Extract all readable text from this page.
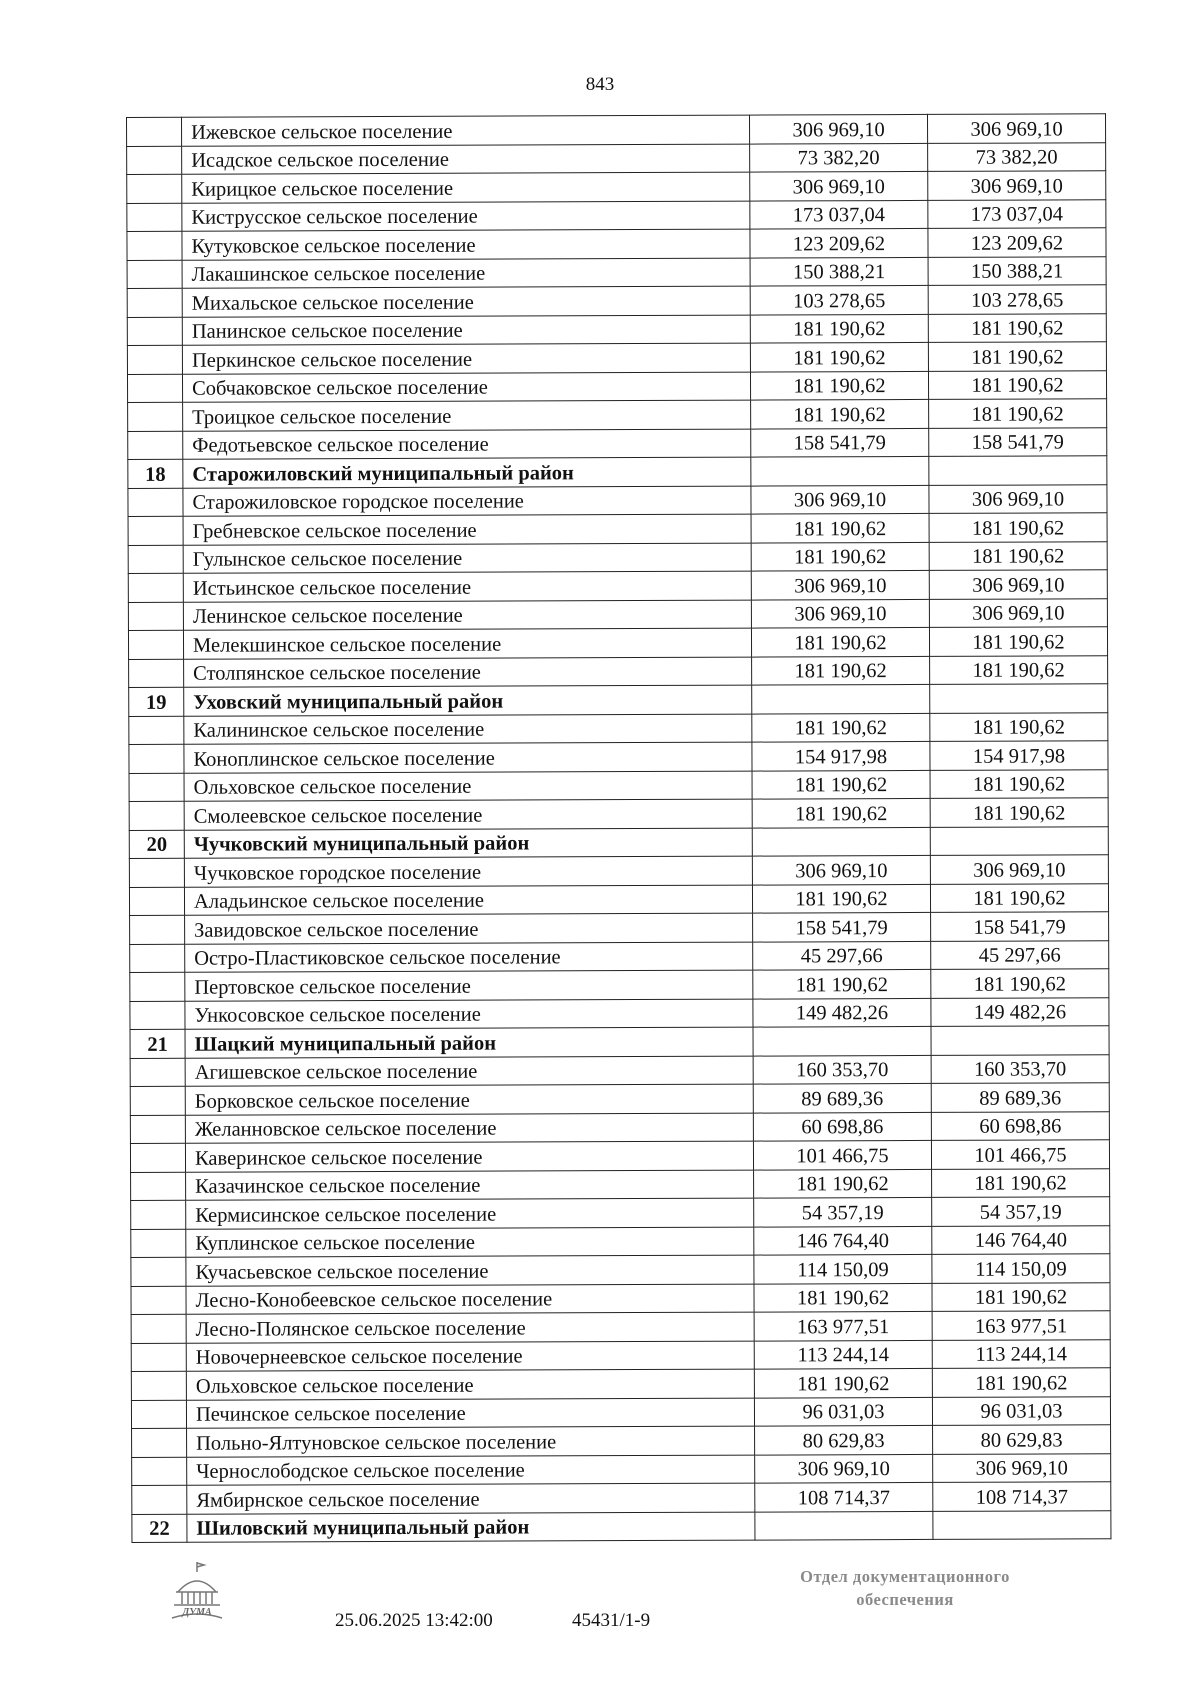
843
	Ижевское сельское поселение	306 969,10	306 969,10
	Исадское сельское поселение	73 382,20	73 382,20
	Кирицкое сельское поселение	306 969,10	306 969,10
	Киструсское сельское поселение	173 037,04	173 037,04
	Кутуковское сельское поселение	123 209,62	123 209,62
	Лакашинское сельское поселение	150 388,21	150 388,21
	Михальское сельское поселение	103 278,65	103 278,65
	Панинское сельское поселение	181 190,62	181 190,62
	Перкинское сельское поселение	181 190,62	181 190,62
	Собчаковское сельское поселение	181 190,62	181 190,62
	Троицкое сельское поселение	181 190,62	181 190,62
	Федотьевское сельское поселение	158 541,79	158 541,79
18	Старожиловский муниципальный район		
	Старожиловское городское поселение	306 969,10	306 969,10
	Гребневское сельское поселение	181 190,62	181 190,62
	Гулынское сельское поселение	181 190,62	181 190,62
	Истьинское сельское поселение	306 969,10	306 969,10
	Ленинское сельское поселение	306 969,10	306 969,10
	Мелекшинское сельское поселение	181 190,62	181 190,62
	Столпянское сельское поселение	181 190,62	181 190,62
19	Уховский муниципальный район		
	Калининское сельское поселение	181 190,62	181 190,62
	Коноплинское сельское поселение	154 917,98	154 917,98
	Ольховское сельское поселение	181 190,62	181 190,62
	Смолеевское сельское поселение	181 190,62	181 190,62
20	Чучковский муниципальный район		
	Чучковское городское поселение	306 969,10	306 969,10
	Аладьинское сельское поселение	181 190,62	181 190,62
	Завидовское сельское поселение	158 541,79	158 541,79
	Остро-Пластиковское сельское поселение	45 297,66	45 297,66
	Пертовское сельское поселение	181 190,62	181 190,62
	Ункосовское сельское поселение	149 482,26	149 482,26
21	Шацкий муниципальный район		
	Агишевское сельское поселение	160 353,70	160 353,70
	Борковское сельское поселение	89 689,36	89 689,36
	Желанновское сельское поселение	60 698,86	60 698,86
	Каверинское сельское поселение	101 466,75	101 466,75
	Казачинское сельское поселение	181 190,62	181 190,62
	Кермисинское сельское поселение	54 357,19	54 357,19
	Куплинское сельское поселение	146 764,40	146 764,40
	Кучасьевское сельское поселение	114 150,09	114 150,09
	Лесно-Конобеевское сельское поселение	181 190,62	181 190,62
	Лесно-Полянское сельское поселение	163 977,51	163 977,51
	Новочернеевское сельское поселение	113 244,14	113 244,14
	Ольховское сельское поселение	181 190,62	181 190,62
	Печинское сельское поселение	96 031,03	96 031,03
	Польно-Ялтуновское сельское поселение	80 629,83	80 629,83
	Чернослободское сельское поселение	306 969,10	306 969,10
	Ямбирнское сельское поселение	108 714,37	108 714,37
22	Шиловский муниципальный район		
ДУМА
Отдел документационного
обеспечения
25.06.2025 13:42:00	45431/1-9
